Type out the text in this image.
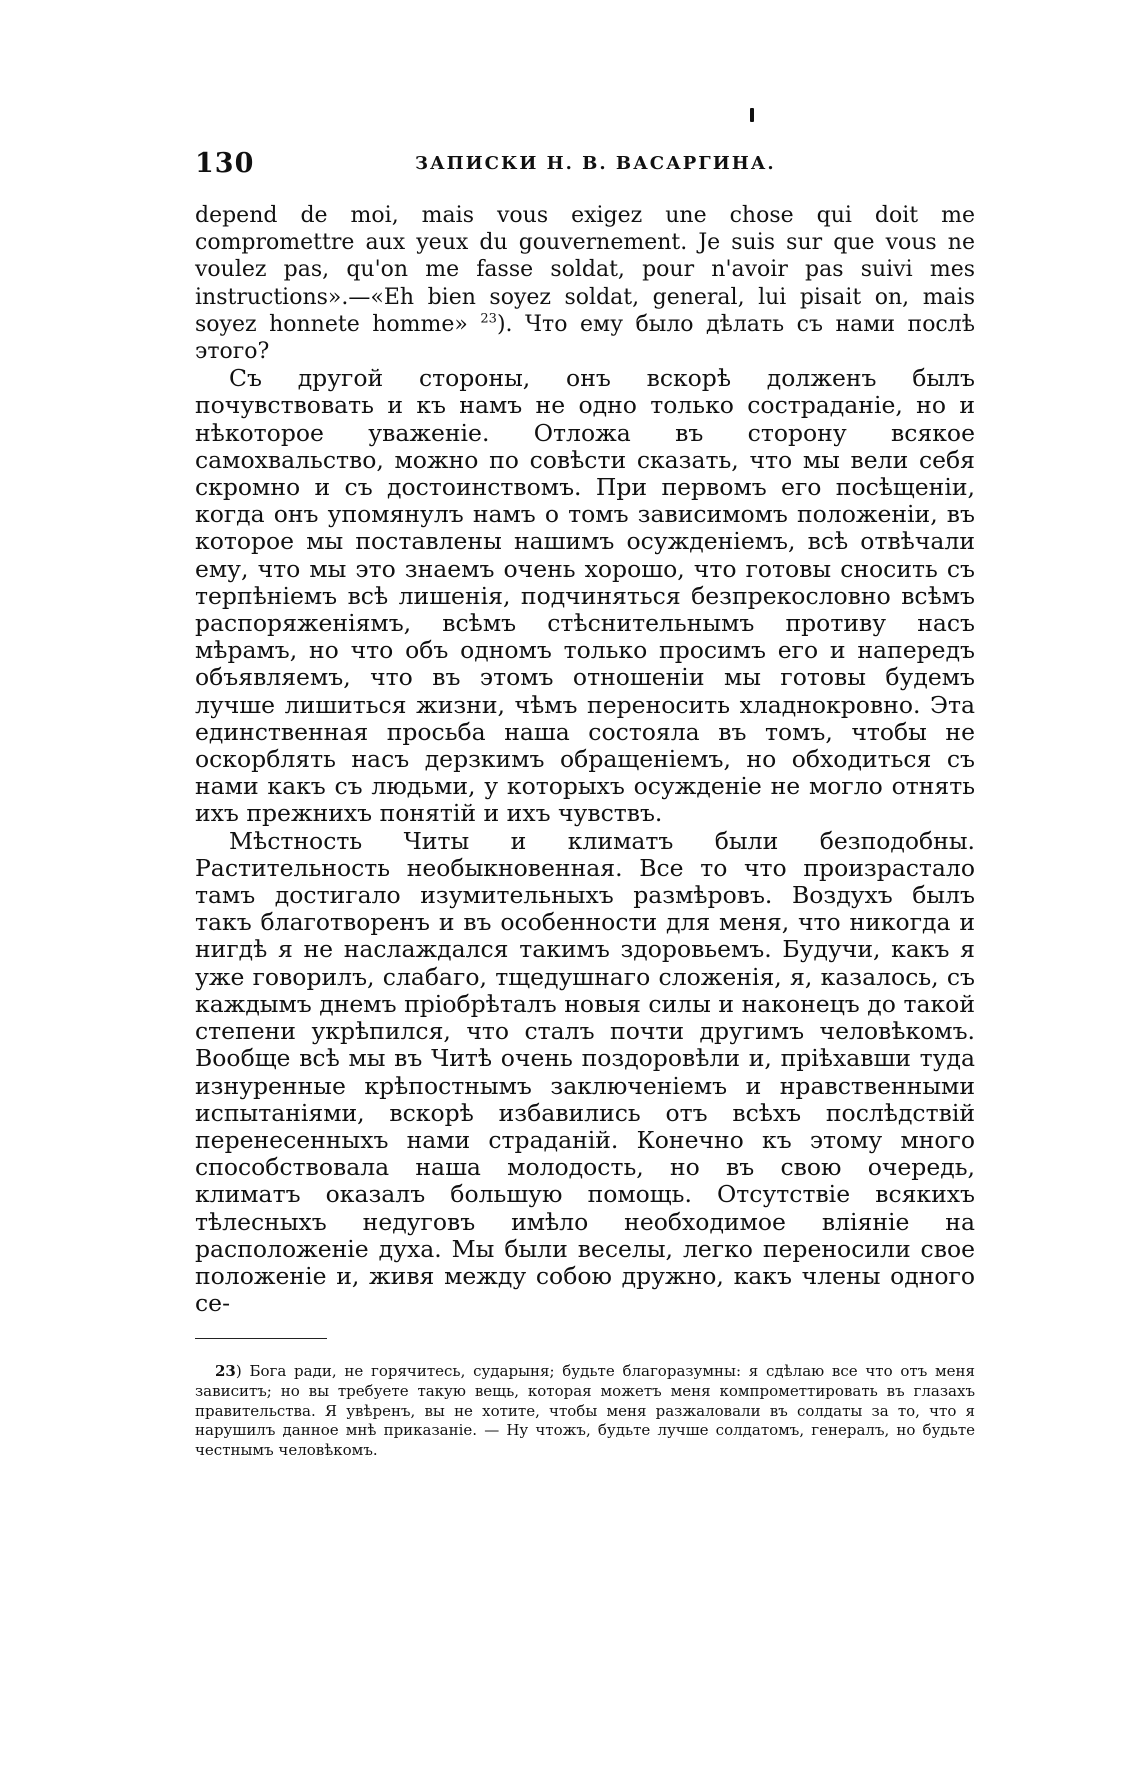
130	ЗАПИСКИ Н. В. ВАСАРГИНА.

depend de moi, mais vous exigez une chose qui doit me compromettre aux yeux du gouvernement. Je suis sur que vous ne voulez pas, qu'on me fasse soldat, pour n'avoir pas suivi mes instructions».—«Eh bien soyez soldat, general, lui pisait on, mais soyez honnete homme» $^{23}$). Что ему было дѣлать съ нами послѣ этого?

Съ другой стороны, онъ вскорѣ долженъ былъ почувствовать и къ намъ не одно только состраданіе, но и нѣкоторое уваженіе. Отложа въ сторону всякое самохвальство, можно по совѣсти сказать, что мы вели себя скромно и съ достоинствомъ. При первомъ его посѣщеніи, когда онъ упомянулъ намъ о томъ зависимомъ положеніи, въ которое мы поставлены нашимъ осужденіемъ, всѣ отвѣчали ему, что мы это знаемъ очень хорошо, что готовы сносить съ терпѣніемъ всѣ лишенія, подчиняться безпрекословно всѣмъ распоряженіямъ, всѣмъ стѣснительнымъ противу насъ мѣрамъ, но что объ одномъ только просимъ его и напередъ объявляемъ, что въ этомъ отношеніи мы готовы будемъ лучше лишиться жизни, чѣмъ переносить хладнокровно. Эта единственная просьба наша состояла въ томъ, чтобы не оскорблять насъ дерзкимъ обращеніемъ, но обходиться съ нами какъ съ людьми, у которыхъ осужденіе не могло отнять ихъ прежнихъ понятій и ихъ чувствъ.

Мѣстность Читы и климатъ были безподобны. Растительность необыкновенная. Все то что произрастало тамъ достигало изумительныхъ размѣровъ. Воздухъ былъ такъ благотворенъ и въ особенности для меня, что никогда и нигдѣ я не наслаждался такимъ здоровьемъ. Будучи, какъ я уже говорилъ, слабаго, тщедушнаго сложенія, я, казалось, съ каждымъ днемъ пріобрѣталъ новыя силы и наконецъ до такой степени укрѣпился, что сталъ почти другимъ человѣкомъ. Вообще всѣ мы въ Читѣ очень поздоровѣли и, пріѣхавши туда изнуренные крѣпостнымъ заключеніемъ и нравственными испытаніями, вскорѣ избавились отъ всѣхъ послѣдствій перенесенныхъ нами страданій. Конечно къ этому много способствовала наша молодость, но въ свою очередь, климатъ оказалъ большую помощь. Отсутствіе всякихъ тѣлесныхъ недуговъ имѣло необходимое вліяніе на расположеніе духа. Мы были веселы, легко переносили свое положеніе и, живя между собою дружно, какъ члены одного се-

23) Бога ради, не горячитесь, сударыня; будьте благоразумны: я сдѣлаю все что отъ меня зависитъ; но вы требуете такую вещь, которая можетъ меня компрометтировать въ глазахъ правительства. Я увѣренъ, вы не хотите, чтобы меня разжаловали въ солдаты за то, что я нарушилъ данное мнѣ приказаніе. — Ну чтожъ, будьте лучше солдатомъ, генералъ, но будьте честнымъ человѣкомъ.
